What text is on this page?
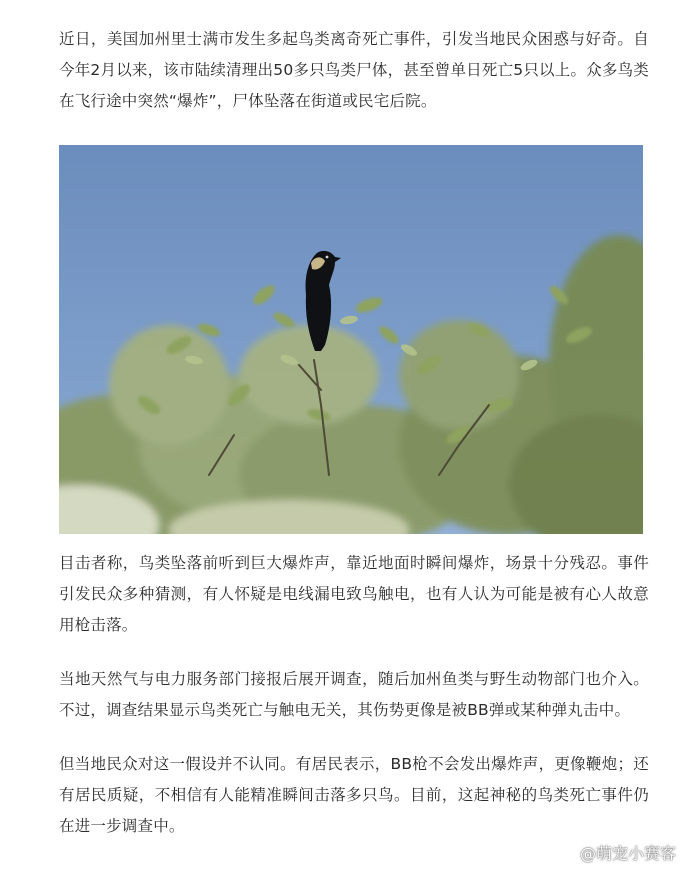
近日，美国加州里士满市发生多起鸟类离奇死亡事件，引发当地民众困惑与好奇。自今年2月以来，该市陆续清理出50多只鸟类尸体，甚至曾单日死亡5只以上。众多鸟类在飞行途中突然“爆炸”，尸体坠落在街道或民宅后院。

目击者称，鸟类坠落前听到巨大爆炸声，靠近地面时瞬间爆炸，场景十分残忍。事件引发民众多种猜测，有人怀疑是电线漏电致鸟触电，也有人认为可能是被有心人故意用枪击落。

当地天然气与电力服务部门接报后展开调查，随后加州鱼类与野生动物部门也介入。不过，调查结果显示鸟类死亡与触电无关，其伤势更像是被BB弹或某种弹丸击中。

但当地民众对这一假设并不认同。有居民表示，BB枪不会发出爆炸声，更像鞭炮；还有居民质疑，不相信有人能精准瞬间击落多只鸟。目前，这起神秘的鸟类死亡事件仍在进一步调查中。

@萌宠小赛客
